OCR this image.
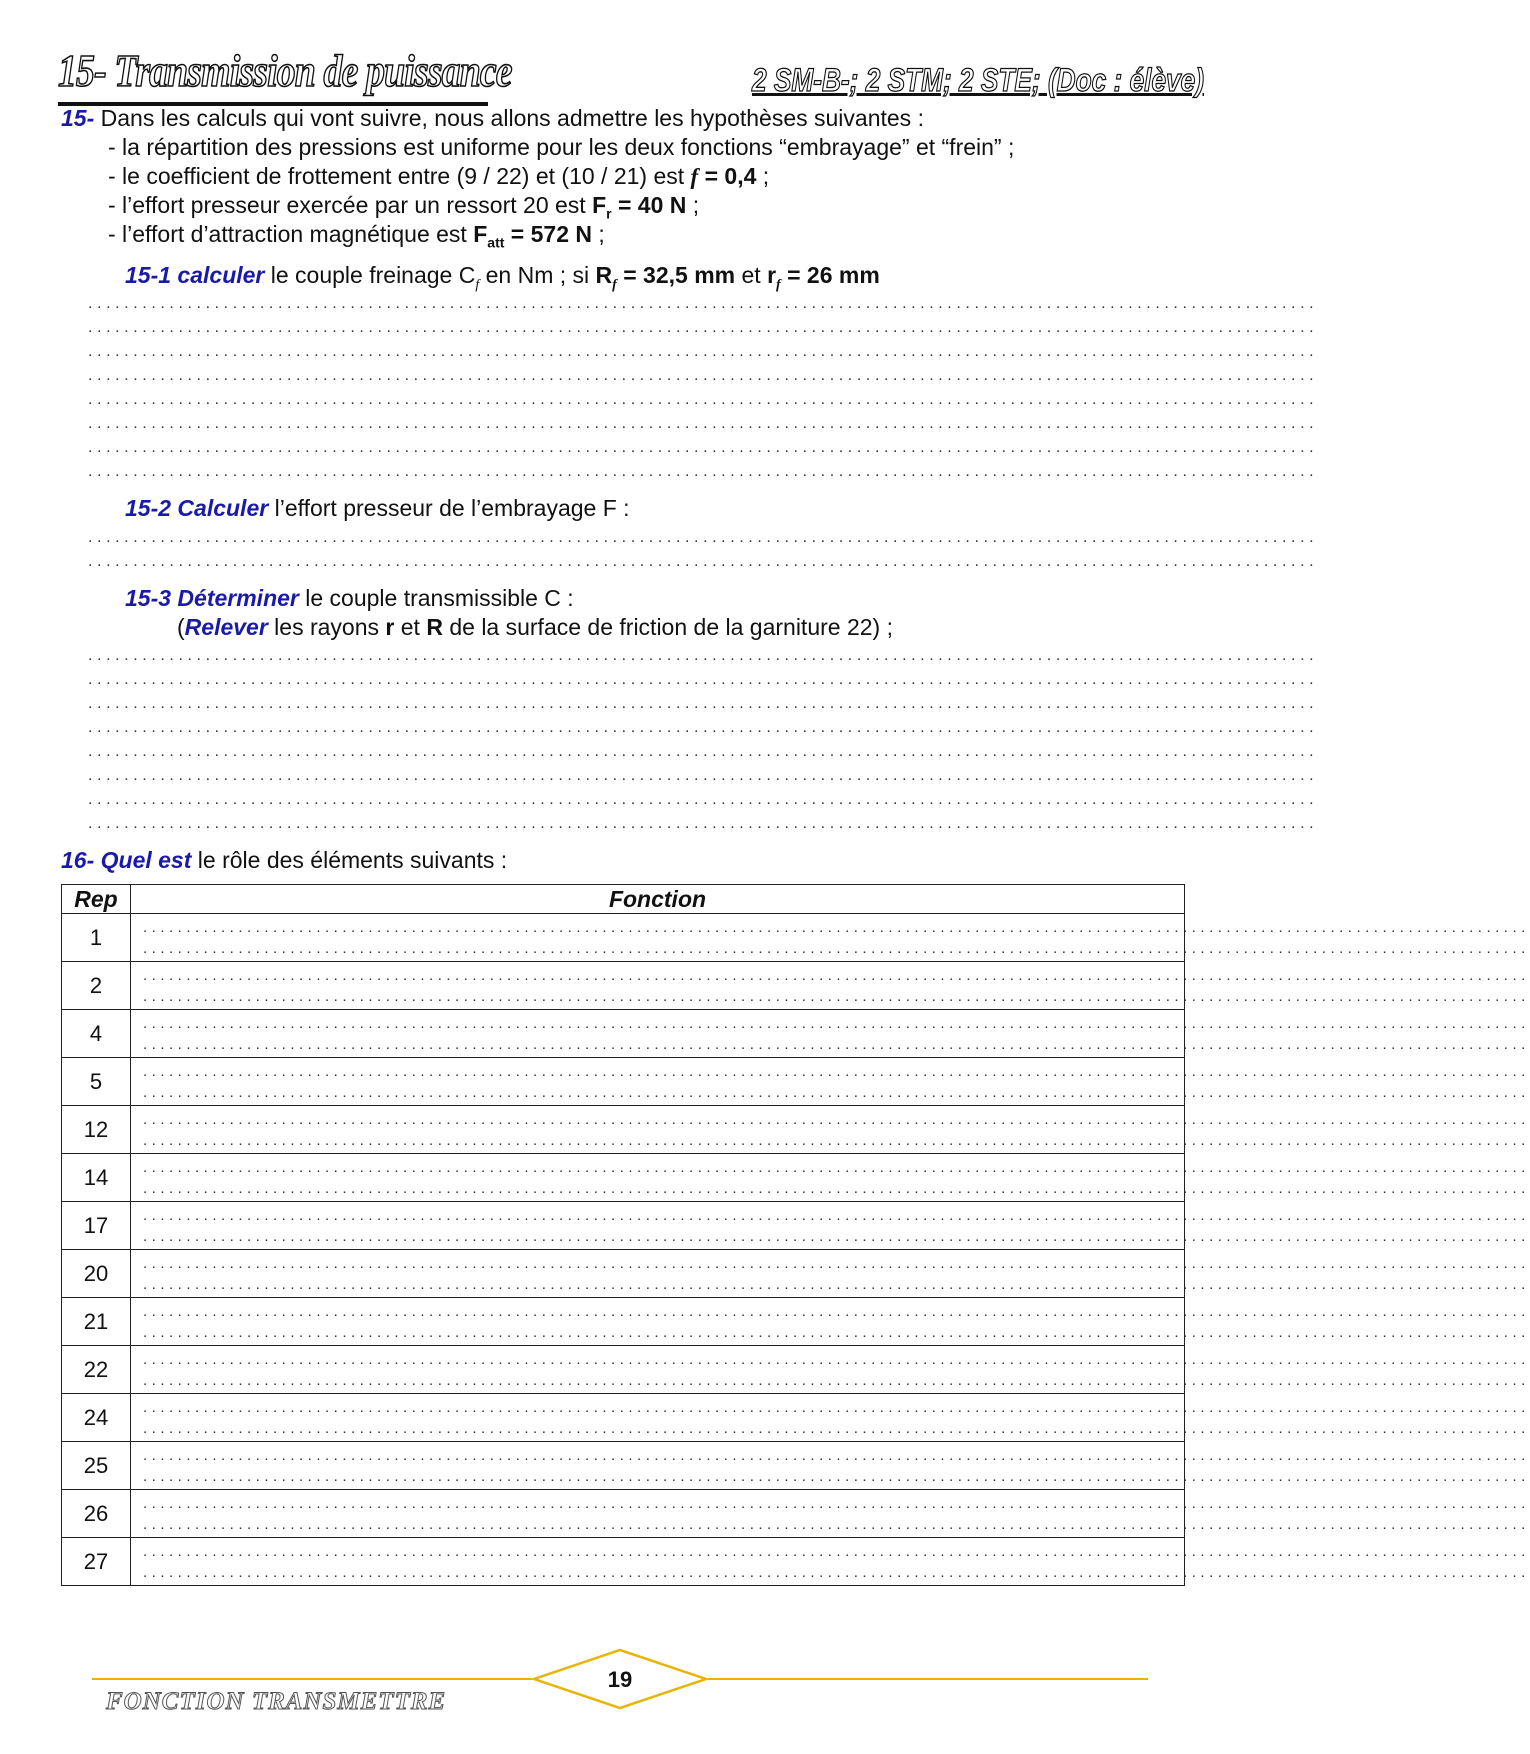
15- Transmission de puissance	2 SM-B-; 2 STM; 2 STE; (Doc : élève)
15- Dans les calculs qui vont suivre, nous allons admettre les hypothèses suivantes :
- la répartition des pressions est uniforme pour les deux fonctions “embrayage” et “frein” ;
- le coefficient de frottement entre (9 / 22) et (10 / 21) est f = 0,4 ;
- l’effort presseur exercée par un ressort 20 est $F_r = 40$ N ;
- l’effort d’attraction magnétique est $F_{att} = 572$ N ;
15-1 calculer le couple freinage $C_f$ en Nm ; si $R_f = 32,5$ mm et $r_f = 26$ mm
........................................................................................................................................
........................................................................................................................................
........................................................................................................................................
........................................................................................................................................
........................................................................................................................................
........................................................................................................................................
........................................................................................................................................
........................................................................................................................................
15-2 Calculer l’effort presseur de l’embrayage F :
........................................................................................................................................
........................................................................................................................................
15-3 Déterminer le couple transmissible C :
(Relever les rayons r et R de la surface de friction de la garniture 22) ;
........................................................................................................................................
........................................................................................................................................
........................................................................................................................................
........................................................................................................................................
........................................................................................................................................
........................................................................................................................................
........................................................................................................................................
........................................................................................................................................
16- Quel est le rôle des éléments suivants :
Rep	Fonction
1	................................................................................................................................................................
................................................................................................................................................................

2	................................................................................................................................................................
................................................................................................................................................................

4	................................................................................................................................................................
................................................................................................................................................................

5	................................................................................................................................................................
................................................................................................................................................................

12	................................................................................................................................................................
................................................................................................................................................................

14	................................................................................................................................................................
................................................................................................................................................................

17	................................................................................................................................................................
................................................................................................................................................................

20	................................................................................................................................................................
................................................................................................................................................................

21	................................................................................................................................................................
................................................................................................................................................................

22	................................................................................................................................................................
................................................................................................................................................................

24	................................................................................................................................................................
................................................................................................................................................................

25	................................................................................................................................................................
................................................................................................................................................................

26	................................................................................................................................................................
................................................................................................................................................................

27	................................................................................................................................................................
................................................................................................................................................................
19
FONCTION TRANSMETTRE
